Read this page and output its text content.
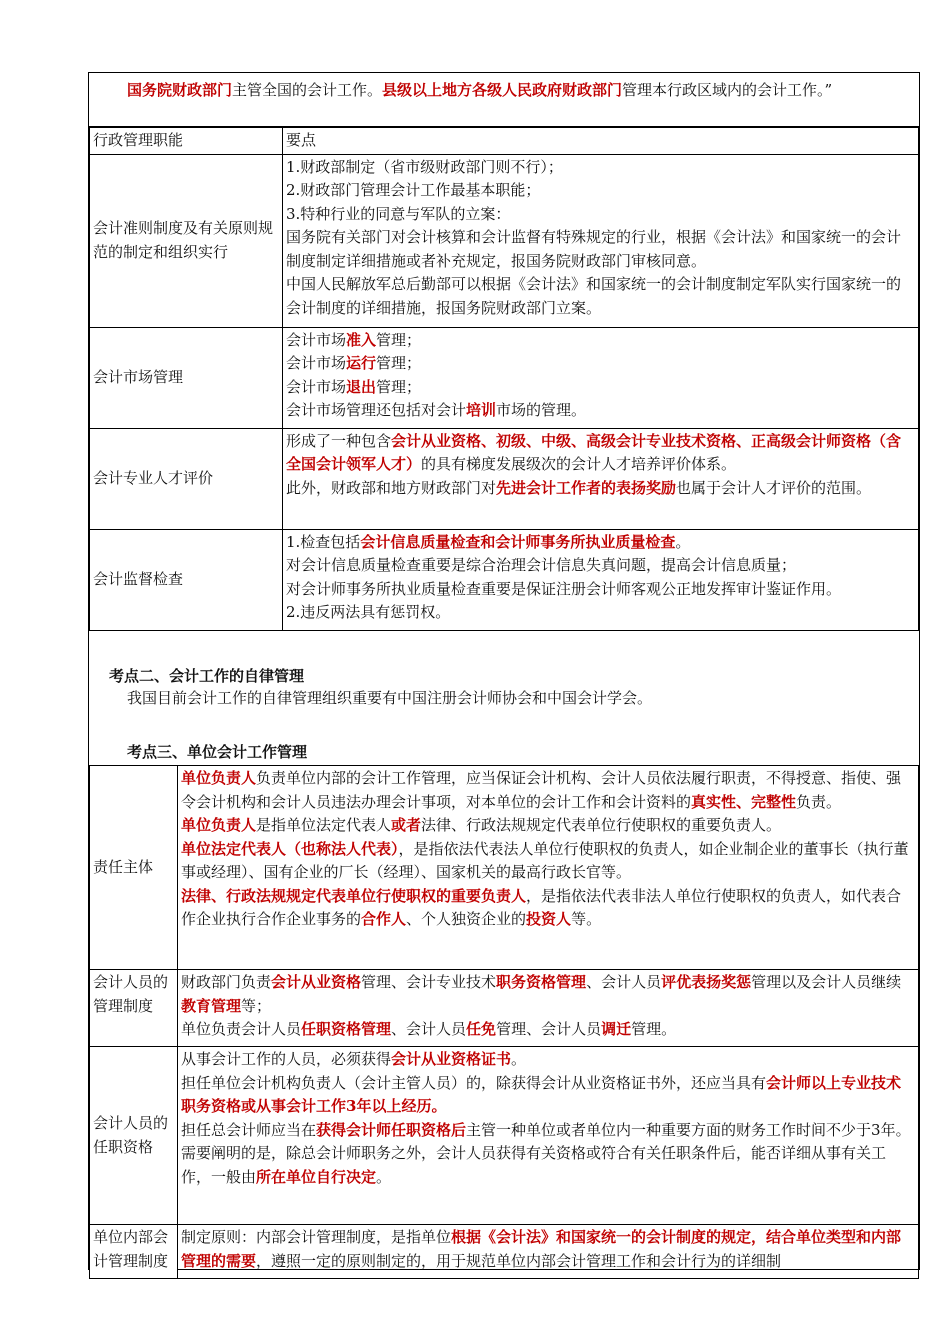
国务院财政部门主管全国的会计工作。县级以上地方各级人民政府财政部门管理本行政区域内的会计工作。”
行政管理职能	要点
会计准则制度及有关原则规范的制定和组织实行	1.财政部制定（省市级财政部门则不行）；
2.财政部门管理会计工作最基本职能；
3.特种行业的同意与军队的立案：
国务院有关部门对会计核算和会计监督有特殊规定的行业，根据《会计法》和国家统一的会计制度制定详细措施或者补充规定，报国务院财政部门审核同意。
中国人民解放军总后勤部可以根据《会计法》和国家统一的会计制度制定军队实行国家统一的会计制度的详细措施，报国务院财政部门立案。

会计市场管理	会计市场准入管理；
会计市场运行管理；
会计市场退出管理；
会计市场管理还包括对会计培训市场的管理。

会计专业人才评价	形成了一种包含会计从业资格、初级、中级、高级会计专业技术资格、正高级会计师资格（含全国会计领军人才）的具有梯度发展级次的会计人才培养评价体系。
此外，财政部和地方财政部门对先进会计工作者的表扬奖励也属于会计人才评价的范围。

会计监督检查	1.检查包括会计信息质量检查和会计师事务所执业质量检查。
对会计信息质量检查重要是综合治理会计信息失真问题，提高会计信息质量；
对会计师事务所执业质量检查重要是保证注册会计师客观公正地发挥审计鉴证作用。
2.违反两法具有惩罚权。
考点二、会计工作的自律管理
我国目前会计工作的自律管理组织重要有中国注册会计师协会和中国会计学会。
考点三、单位会计工作管理
责任主体	单位负责人负责单位内部的会计工作管理，应当保证会计机构、会计人员依法履行职责，不得授意、指使、强令会计机构和会计人员违法办理会计事项，对本单位的会计工作和会计资料的真实性、完整性负责。
单位负责人是指单位法定代表人或者法律、行政法规规定代表单位行使职权的重要负责人。
单位法定代表人（也称法人代表），是指依法代表法人单位行使职权的负责人，如企业制企业的董事长（执行董事或经理）、国有企业的厂长（经理）、国家机关的最高行政长官等。
法律、行政法规规定代表单位行使职权的重要负责人，是指依法代表非法人单位行使职权的负责人，如代表合作企业执行合作企业事务的合作人、个人独资企业的投资人等。

会计人员的管理制度	财政部门负责会计从业资格管理、会计专业技术职务资格管理、会计人员评优表扬奖惩管理以及会计人员继续教育管理等；
单位负责会计人员任职资格管理、会计人员任免管理、会计人员调迁管理。

会计人员的任职资格	从事会计工作的人员，必须获得会计从业资格证书。
担任单位会计机构负责人（会计主管人员）的，除获得会计从业资格证书外，还应当具有会计师以上专业技术职务资格或从事会计工作3年以上经历。
担任总会计师应当在获得会计师任职资格后主管一种单位或者单位内一种重要方面的财务工作时间不少于3年。
需要阐明的是，除总会计师职务之外，会计人员获得有关资格或符合有关任职条件后，能否详细从事有关工作，一般由所在单位自行决定。

单位内部会计管理制度	制定原则：内部会计管理制度，是指单位根据《会计法》和国家统一的会计制度的规定，结合单位类型和内部管理的需要，遵照一定的原则制定的，用于规范单位内部会计管理工作和会计行为的详细制
